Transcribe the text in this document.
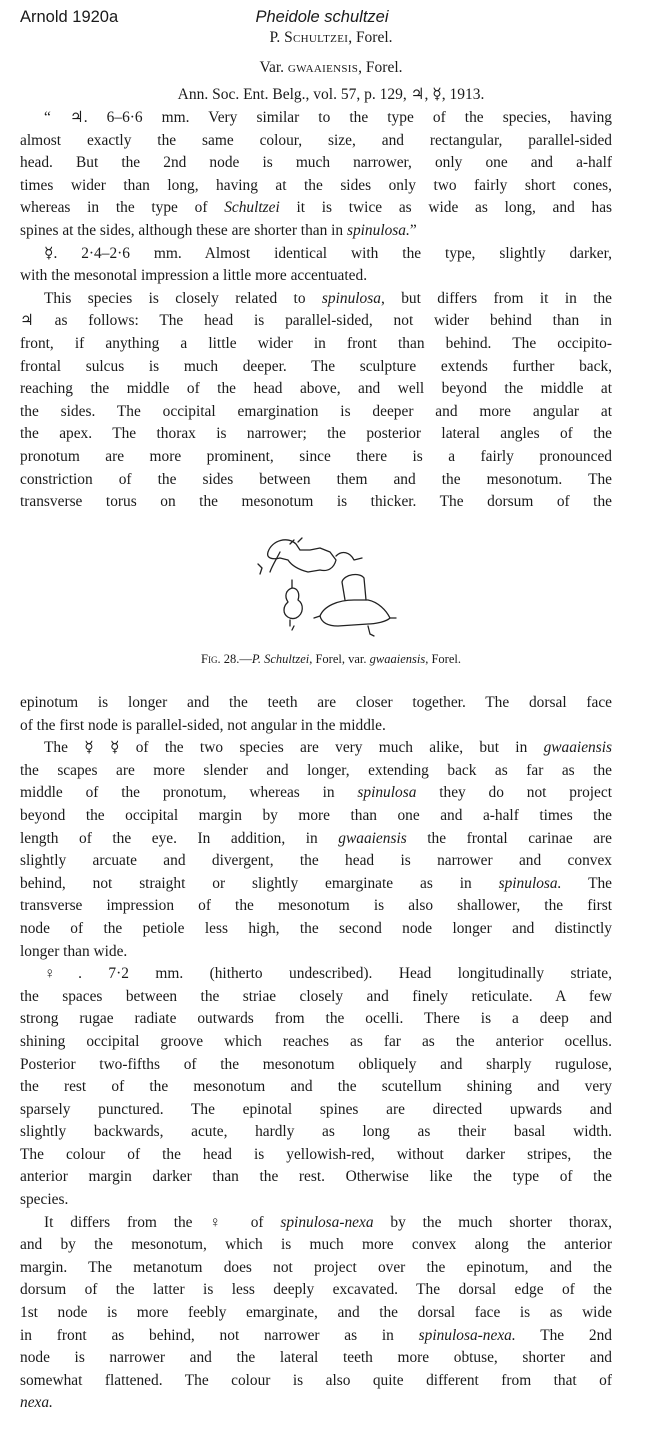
Arnold 1920a	Pheidole schultzei
P. Schultzei, Forel.
Var. gwaaiensis, Forel.
Ann. Soc. Ent. Belg., vol. 57, p. 129, ♃, ☿, 1913.
“ ♃. 6–6·6 mm. Very similar to the type of the species, having
almost exactly the same colour, size, and rectangular, parallel-sided
head. But the 2nd node is much narrower, only one and a-half
times wider than long, having at the sides only two fairly short cones,
whereas in the type of Schultzei it is twice as wide as long, and has
spines at the sides, although these are shorter than in spinulosa.”
☿. 2·4–2·6 mm. Almost identical with the type, slightly darker,
with the mesonotal impression a little more accentuated.
This species is closely related to spinulosa, but differs from it in the
♃ as follows: The head is parallel-sided, not wider behind than in
front, if anything a little wider in front than behind. The occipito-
frontal sulcus is much deeper. The sculpture extends further back,
reaching the middle of the head above, and well beyond the middle at
the sides. The occipital emargination is deeper and more angular at
the apex. The thorax is narrower; the posterior lateral angles of the
pronotum are more prominent, since there is a fairly pronounced
constriction of the sides between them and the mesonotum. The
transverse torus on the mesonotum is thicker. The dorsum of the
Fig. 28.—P. Schultzei, Forel, var. gwaaiensis, Forel.
epinotum is longer and the teeth are closer together. The dorsal face
of the first node is parallel-sided, not angular in the middle.
The ☿ ☿ of the two species are very much alike, but in gwaaiensis
the scapes are more slender and longer, extending back as far as the
middle of the pronotum, whereas in spinulosa they do not project
beyond the occipital margin by more than one and a-half times the
length of the eye. In addition, in gwaaiensis the frontal carinae are
slightly arcuate and divergent, the head is narrower and convex
behind, not straight or slightly emarginate as in spinulosa. The
transverse impression of the mesonotum is also shallower, the first
node of the petiole less high, the second node longer and distinctly
longer than wide.
♀. 7·2 mm. (hitherto undescribed). Head longitudinally striate,
the spaces between the striae closely and finely reticulate. A few
strong rugae radiate outwards from the ocelli. There is a deep and
shining occipital groove which reaches as far as the anterior ocellus.
Posterior two-fifths of the mesonotum obliquely and sharply rugulose,
the rest of the mesonotum and the scutellum shining and very
sparsely punctured. The epinotal spines are directed upwards and
slightly backwards, acute, hardly as long as their basal width.
The colour of the head is yellowish-red, without darker stripes, the
anterior margin darker than the rest. Otherwise like the type of the
species.
It differs from the ♀ of spinulosa-nexa by the much shorter thorax,
and by the mesonotum, which is much more convex along the anterior
margin. The metanotum does not project over the epinotum, and the
dorsum of the latter is less deeply excavated. The dorsal edge of the
1st node is more feebly emarginate, and the dorsal face is as wide
in front as behind, not narrower as in spinulosa-nexa. The 2nd
node is narrower and the lateral teeth more obtuse, shorter and
somewhat flattened. The colour is also quite different from that of
nexa.
